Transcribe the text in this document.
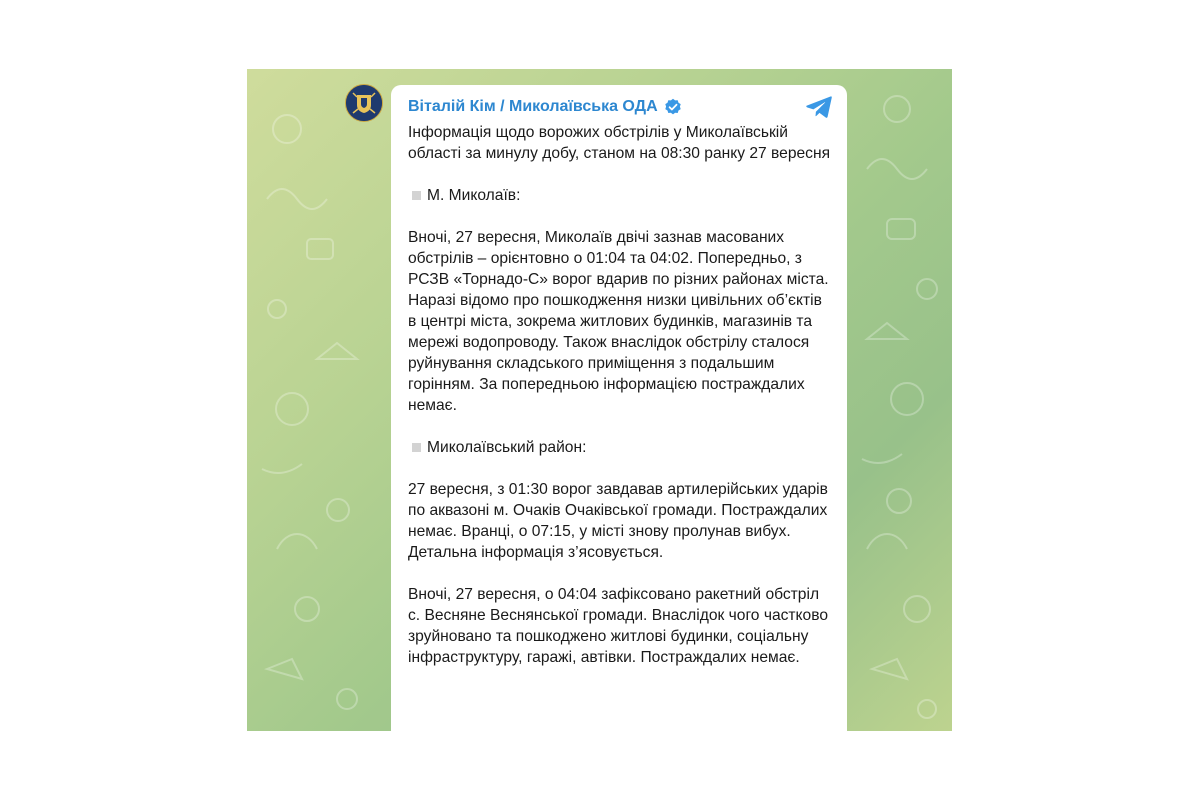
Віталій Кім / Миколаївська ОДА

Інформація щодо ворожих обстрілів у Миколаївській області за минулу добу, станом на 08:30 ранку 27 вересня

М. Миколаїв:

Вночі, 27 вересня, Миколаїв двічі зазнав масованих обстрілів – орієнтовно о 01:04 та 04:02. Попередньо, з РСЗВ «Торнадо-С» ворог вдарив по різних районах міста. Наразі відомо про пошкодження низки цивільних об’єктів в центрі міста, зокрема житлових будинків, магазинів та мережі водопроводу. Також внаслідок обстрілу сталося руйнування складського приміщення з подальшим горінням. За попередньою інформацією постраждалих немає.

Миколаївський район:

27 вересня, з 01:30 ворог завдавав артилерійських ударів по аквазоні м. Очаків Очаківської громади. Постраждалих немає. Вранці, о 07:15, у місті знову пролунав вибух. Детальна інформація з’ясовується.

Вночі, 27 вересня, о 04:04 зафіксовано ракетний обстріл с. Весняне Веснянської громади. Внаслідок чого частково зруйновано та пошкоджено житлові будинки, соціальну інфраструктуру, гаражі, автівки. Постраждалих немає.
